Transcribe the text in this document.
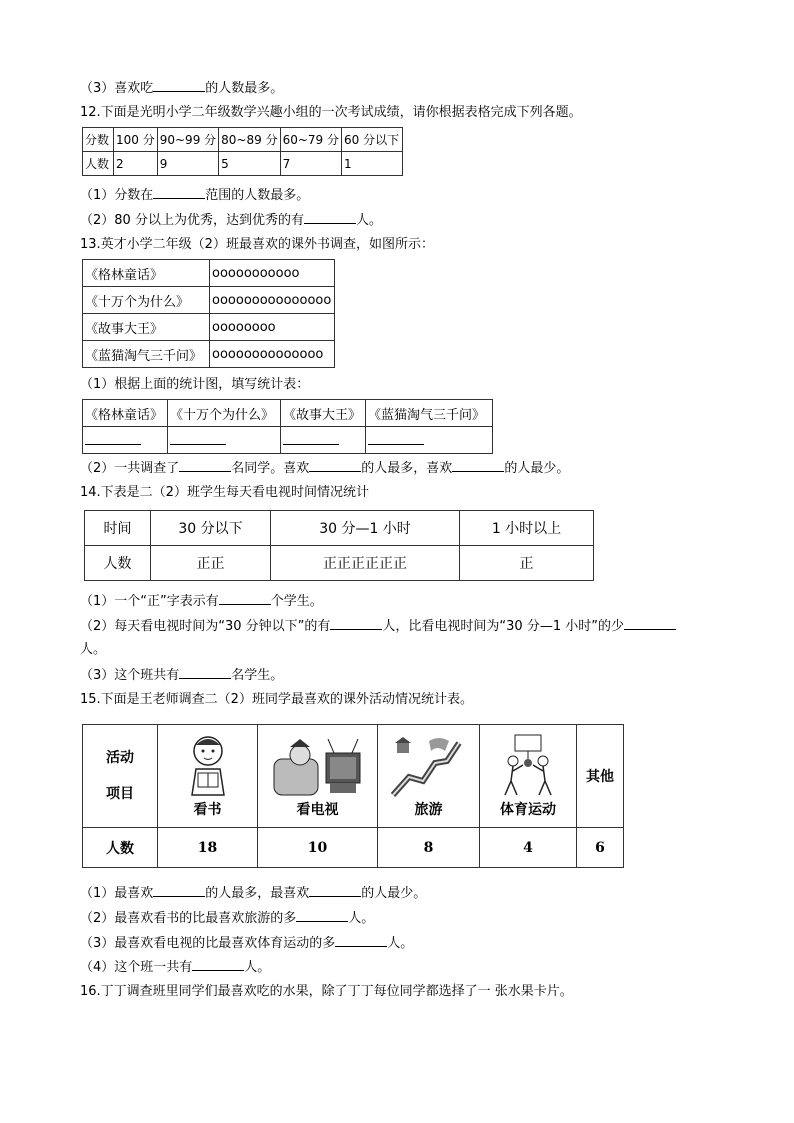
（3）喜欢吃	的人数最多。
12.下面是光明小学二年级数学兴趣小组的一次考试成绩，请你根据表格完成下列各题。
分数	100 分	90~99 分	80~89 分	60~79 分	60 分以下
人数	2	9	5	7	1
（1）分数在	范围的人数最多。
（2）80 分以上为优秀，达到优秀的有	人。
13.英才小学二年级（2）班最喜欢的课外书调查，如图所示：
《格林童话》	ooooooooooo
《十万个为什么》	ooooooooooooooo
《故事大王》	oooooooo
《蓝猫淘气三千问》	oooooooooooooo
（1）根据上面的统计图，填写统计表：
《格林童话》	《十万个为什么》	《故事大王》	《蓝猫淘气三千问》

（2）一共调查了	名同学。喜欢	的人最多，喜欢	的人最少。
14.下表是二（2）班学生每天看电视时间情况统计
时间	30 分以下	30 分—1 小时	1 小时以上
人数	正正	正正正正正正	正
（1）一个“正”字表示有	个学生。
（2）每天看电视时间为“30 分钟以下”的有	人，比看电视时间为“30 分—1 小时”的少
人。
（3）这个班共有	名学生。
15.下面是王老师调查二（2）班同学最喜欢的课外活动情况统计表。
活动
项目	看书	看电视	旅游	体育运动	其他
人数	18	10	8	4	6
（1）最喜欢	的人最多，最喜欢	的人最少。
（2）最喜欢看书的比最喜欢旅游的多	人。
（3）最喜欢看电视的比最喜欢体育运动的多	人。
（4）这个班一共有	人。
16.丁丁调查班里同学们最喜欢吃的水果，除了丁丁每位同学都选择了一 张水果卡片。
